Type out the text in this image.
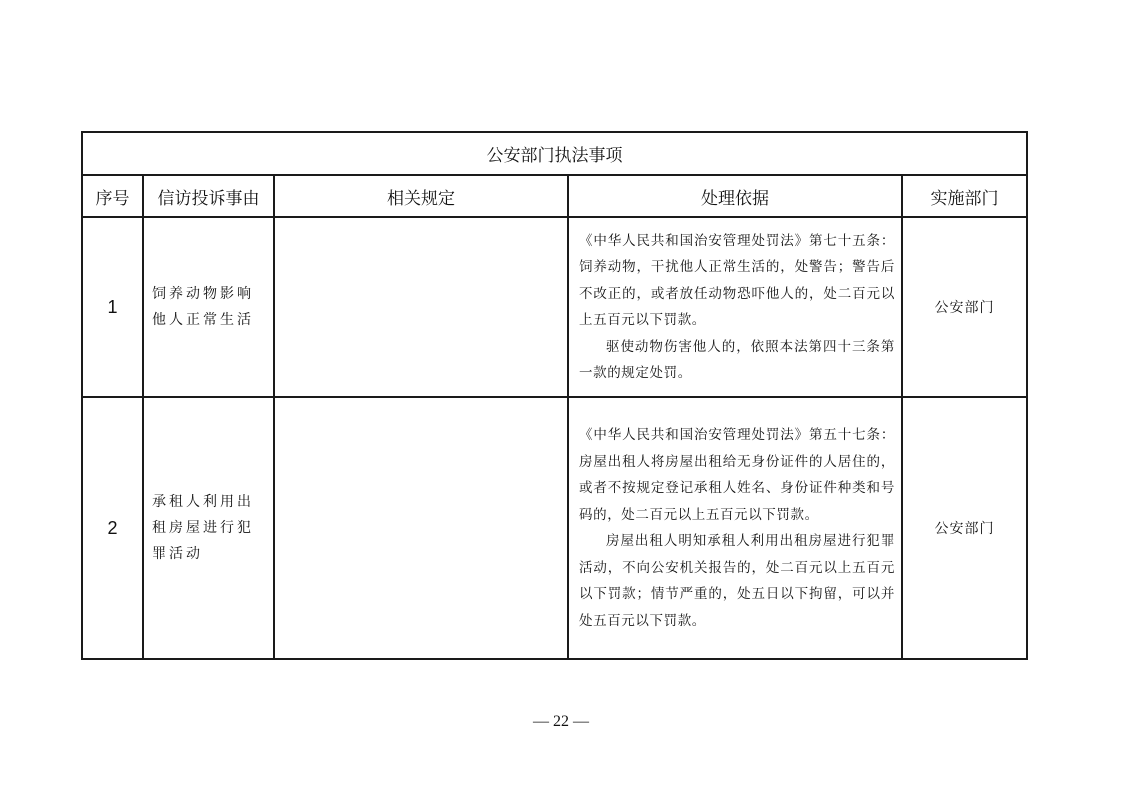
公安部门执法事项				
序号	信访投诉事由	相关规定	处理依据	实施部门
1	饲养动物影响他人正常生活		《中华人民共和国治安管理处罚法》第七十五条：饲养动物，干扰他人正常生活的，处警告；警告后不改正的，或者放任动物恐吓他人的，处二百元以上五百元以下罚款。

驱使动物伤害他人的，依照本法第四十三条第一款的规定处罚。	公安部门
2	承租人利用出租房屋进行犯罪活动		《中华人民共和国治安管理处罚法》第五十七条：房屋出租人将房屋出租给无身份证件的人居住的，或者不按规定登记承租人姓名、身份证件种类和号码的，处二百元以上五百元以下罚款。

房屋出租人明知承租人利用出租房屋进行犯罪活动，不向公安机关报告的，处二百元以上五百元以下罚款；情节严重的，处五日以下拘留，可以并处五百元以下罚款。	公安部门
— 22 —
